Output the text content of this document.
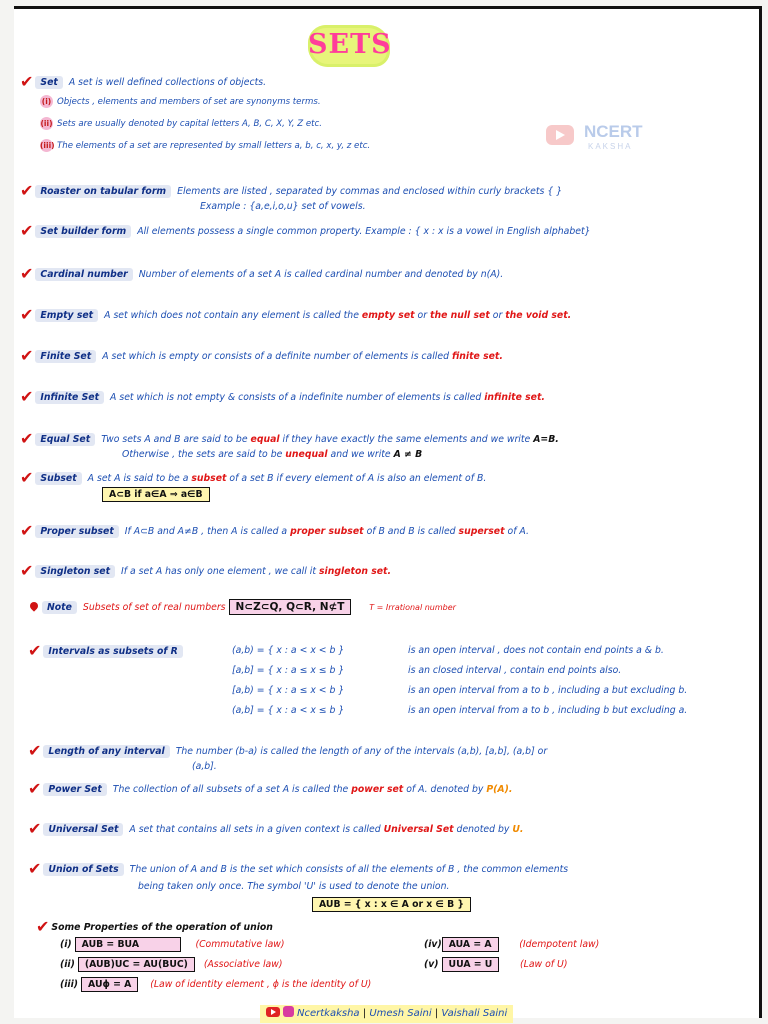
SETS
NCERT
KAKSHA
✔ Set A set is well defined collections of objects.
(i) Objects , elements and members of set are synonyms terms.
(ii) Sets are usually denoted by capital letters A, B, C, X, Y, Z etc.
(iii) The elements of a set are represented by small letters a, b, c, x, y, z etc.
✔ Roaster on tabular form Elements are listed , separated by commas and enclosed within curly brackets { }
Example : {a,e,i,o,u} set of vowels.
✔ Set builder form All elements possess a single common property. Example : { x : x is a vowel in English alphabet}
✔ Cardinal number Number of elements of a set A is called cardinal number and denoted by n(A).
✔ Empty set A set which does not contain any element is called the empty set or the null set or the void set.
✔ Finite Set A set which is empty or consists of a definite number of elements is called finite set.
✔ Infinite Set A set which is not empty & consists of a indefinite number of elements is called infinite set.
✔ Equal Set Two sets A and B are said to be equal if they have exactly the same elements and we write A=B.
Otherwise , the sets are said to be unequal and we write A ≠ B
✔ Subset A set A is said to be a subset of a set B if every element of A is also an element of B.
A⊂B if a∈A ⇒ a∈B
✔ Proper subset If A⊂B and A≠B , then A is called a proper subset of B and B is called superset of A.
✔ Singleton set If a set A has only one element , we call it singleton set.
Note Subsets of set of real numbers N⊂Z⊂Q, Q⊂R, N⊄T	T = Irrational number
✔ Intervals as subsets of R	(a,b) = { x : a < x < b }	is an open interval , does not contain end points a & b.
[a,b] = { x : a ≤ x ≤ b }	is an closed interval , contain end points also.
[a,b) = { x : a ≤ x < b }	is an open interval from a to b , including a but excluding b.
(a,b] = { x : a < x ≤ b }	is an open interval from a to b , including b but excluding a.
✔ Length of any interval The number (b-a) is called the length of any of the intervals (a,b), [a,b], (a,b] or
(a,b].
✔ Power Set The collection of all subsets of a set A is called the power set of A. denoted by P(A).
✔ Universal Set A set that contains all sets in a given context is called Universal Set denoted by U.
✔ Union of Sets The union of A and B is the set which consists of all the elements of B , the common elements
being taken only once. The symbol 'U' is used to denote the union.
AUB = { x : x ∈ A or x ∈ B }
✔ Some Properties of the operation of union
(i) AUB = BUA	(Commutative law)
(ii) (AUB)UC = AU(BUC) (Associative law)
(iii) AUϕ = A (Law of identity element , ϕ is the identity of U)
(iv) AUA = A	(Idempotent law)
(v) UUA = U	(Law of U)
Ncertkaksha | Umesh Saini | Vaishali Saini
